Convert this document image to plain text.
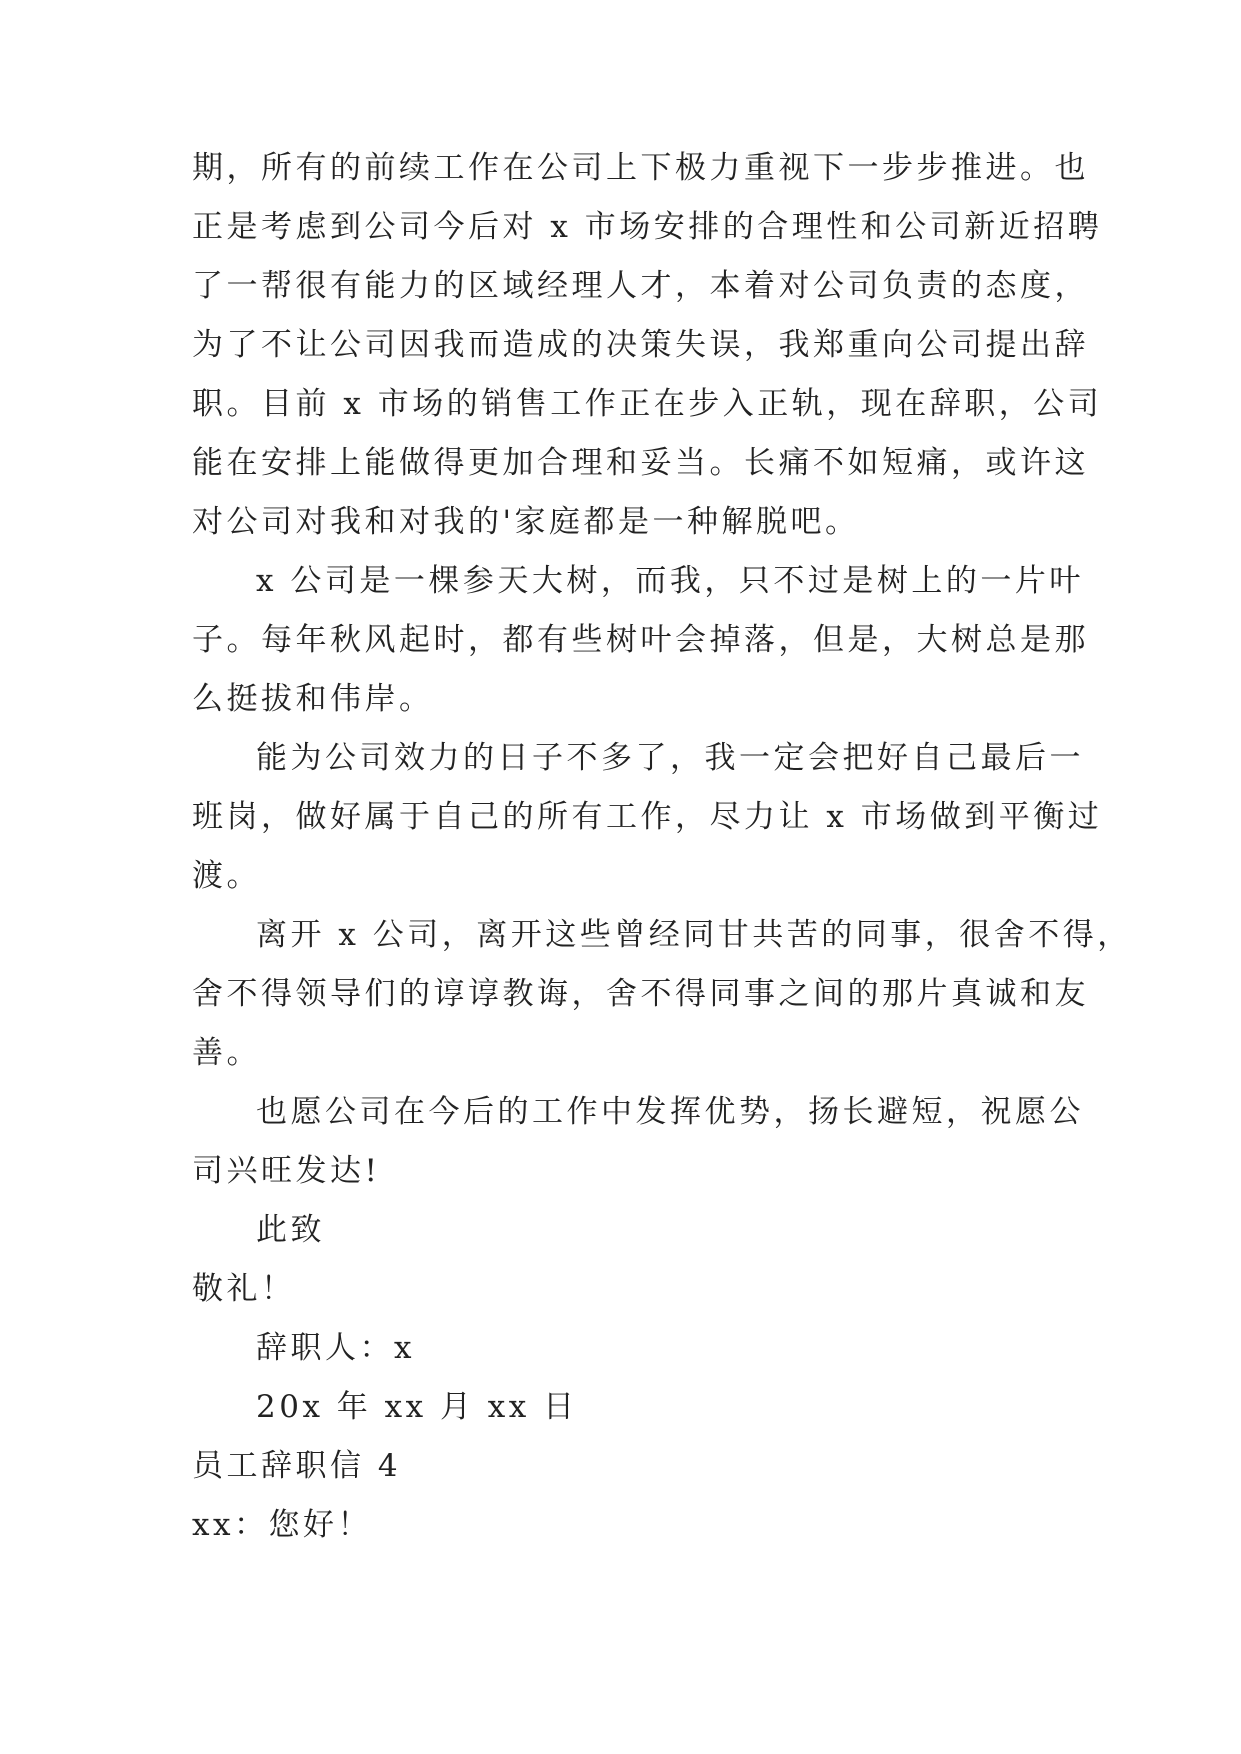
期，所有的前续工作在公司上下极力重视下一步步推进。也
正是考虑到公司今后对 x 市场安排的合理性和公司新近招聘
了一帮很有能力的区域经理人才，本着对公司负责的态度，
为了不让公司因我而造成的决策失误，我郑重向公司提出辞
职。目前 x 市场的销售工作正在步入正轨，现在辞职，公司
能在安排上能做得更加合理和妥当。长痛不如短痛，或许这
对公司对我和对我的'家庭都是一种解脱吧。
x 公司是一棵参天大树，而我，只不过是树上的一片叶
子。每年秋风起时，都有些树叶会掉落，但是，大树总是那
么挺拔和伟岸。
能为公司效力的日子不多了，我一定会把好自己最后一
班岗，做好属于自己的所有工作，尽力让 x 市场做到平衡过
渡。
离开 x 公司，离开这些曾经同甘共苦的同事，很舍不得，
舍不得领导们的谆谆教诲，舍不得同事之间的那片真诚和友
善。
也愿公司在今后的工作中发挥优势，扬长避短，祝愿公
司兴旺发达!
此致
敬礼！
辞职人：x
20x 年 xx 月 xx 日
员工辞职信 4
xx：您好！
